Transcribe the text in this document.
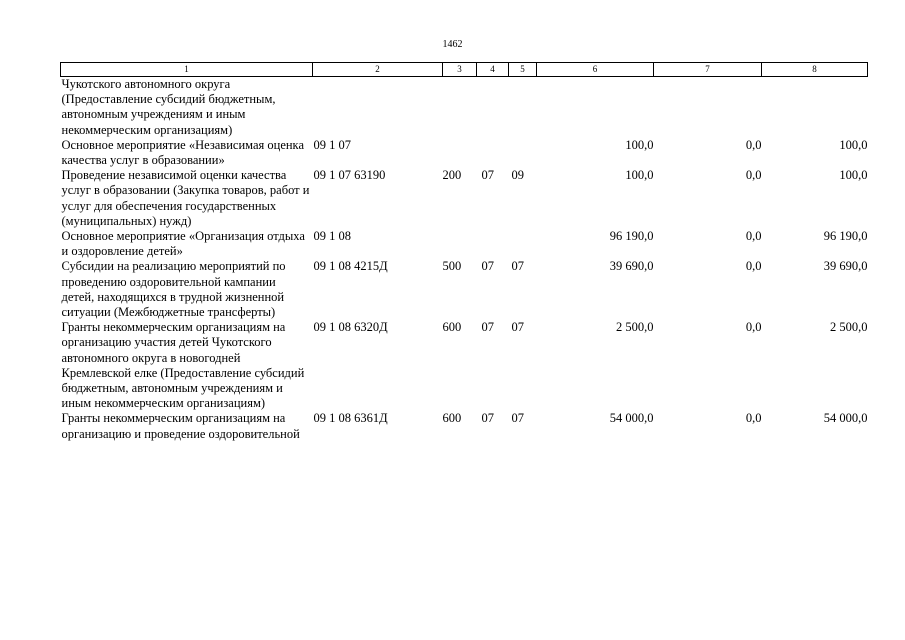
1462
1	2	3	4	5	6	7	8
Чукотского автономного округа (Предоставление субсидий бюджетным, автономным учреждениям и иным некоммерческим организациям)							
Основное мероприятие «Независимая оценка качества услуг в образовании»	09 1 07				100,0	0,0	100,0
Проведение независимой оценки качества услуг в образовании (Закупка товаров, работ и услуг для обеспечения государственных (муниципальных) нужд)	09 1 07 63190	200	07	09	100,0	0,0	100,0
Основное мероприятие «Организация отдыха и оздоровление детей»	09 1 08				96 190,0	0,0	96 190,0
Субсидии на реализацию мероприятий по проведению оздоровительной кампании детей, находящихся в трудной жизненной ситуации (Межбюджетные трансферты)	09 1 08 4215Д	500	07	07	39 690,0	0,0	39 690,0
Гранты некоммерческим организациям на организацию участия детей Чукотского автономного округа в новогодней Кремлевской елке (Предоставление субсидий бюджетным, автономным учреждениям и иным некоммерческим организациям)	09 1 08 6320Д	600	07	07	2 500,0	0,0	2 500,0
Гранты некоммерческим организациям на организацию и проведение оздоровительной	09 1 08 6361Д	600	07	07	54 000,0	0,0	54 000,0
